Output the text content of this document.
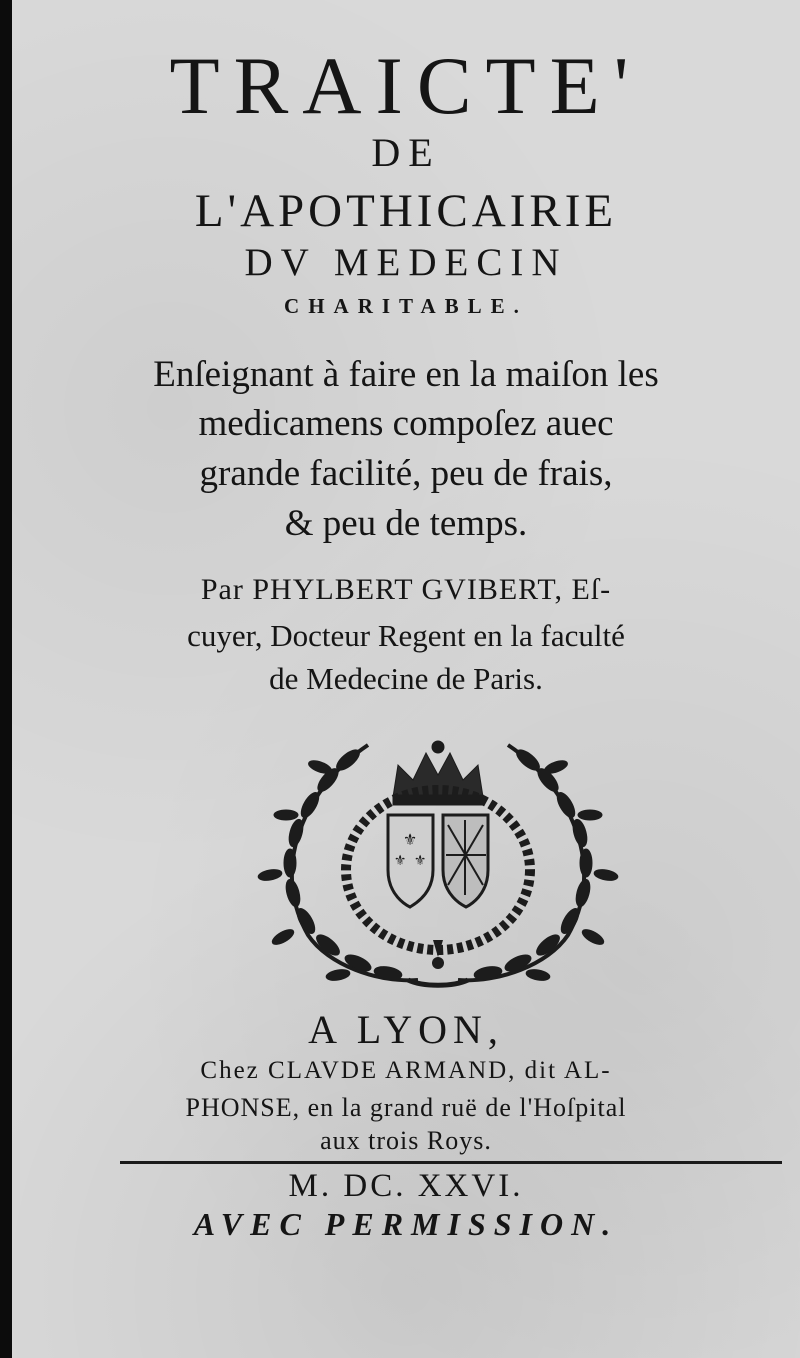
TRAICTE'
DE
L'APOTHICAIRIE
DV MEDECIN
CHARITABLE.
Enſeignant à faire en la maiſon les
medicamens compoſez auec
grande facilité, peu de frais,
& peu de temps.
Par PHYLBERT GVIBERT, Eſ-
cuyer, Docteur Regent en la faculté
de Medecine de Paris.
⚜
⚜ ⚜
A LYON,
Chez CLAVDE ARMAND, dit AL-
PHONSE, en la grand ruë de l'Hoſpital
aux trois Roys.
M. DC. XXVI.
AVEC PERMISSION.
